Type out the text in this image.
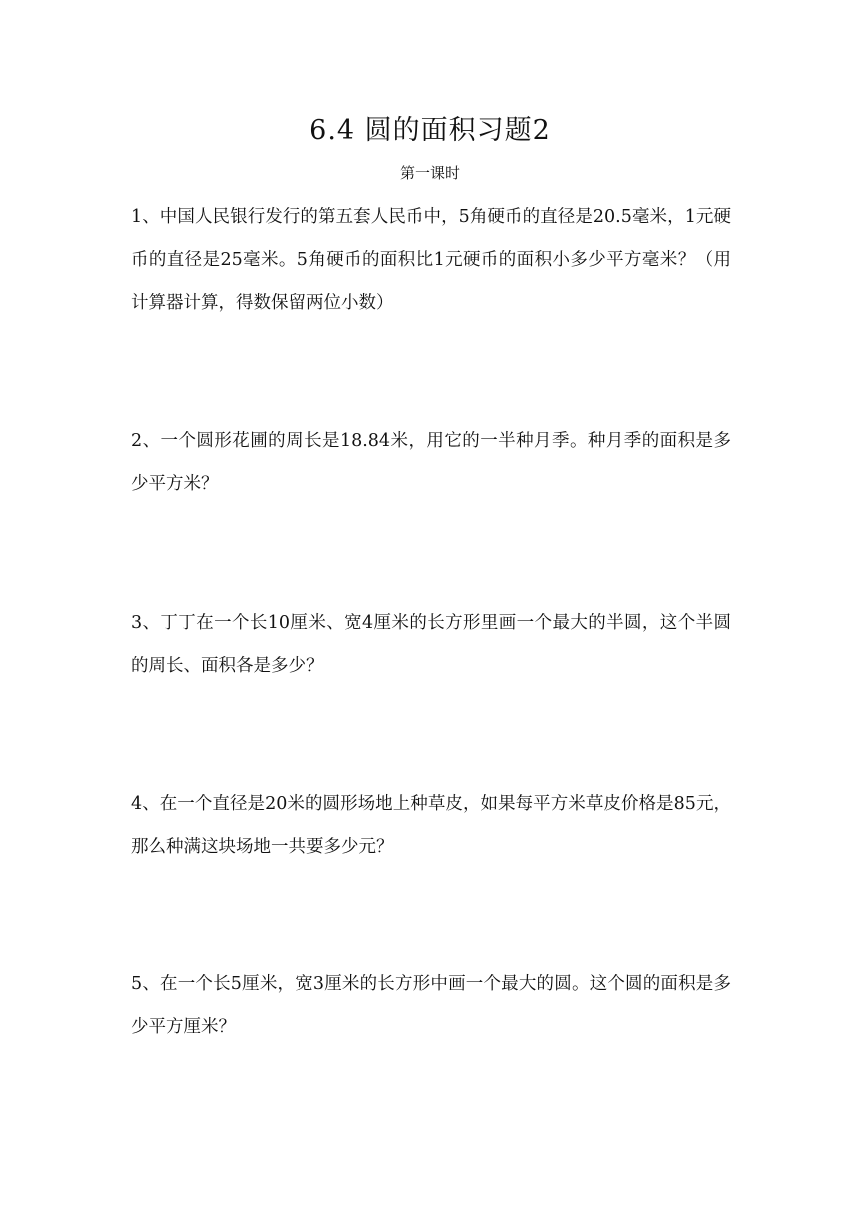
6.4 圆的面积习题2

第一课时

1、中国人民银行发行的第五套人民币中，5角硬币的直径是20.5毫米，1元硬币的直径是25毫米。5角硬币的面积比1元硬币的面积小多少平方毫米？（用计算器计算，得数保留两位小数）

2、一个圆形花圃的周长是18.84米，用它的一半种月季。种月季的面积是多少平方米？

3、丁丁在一个长10厘米、宽4厘米的长方形里画一个最大的半圆，这个半圆的周长、面积各是多少？

4、在一个直径是20米的圆形场地上种草皮，如果每平方米草皮价格是85元，那么种满这块场地一共要多少元？

5、在一个长5厘米，宽3厘米的长方形中画一个最大的圆。这个圆的面积是多少平方厘米？
